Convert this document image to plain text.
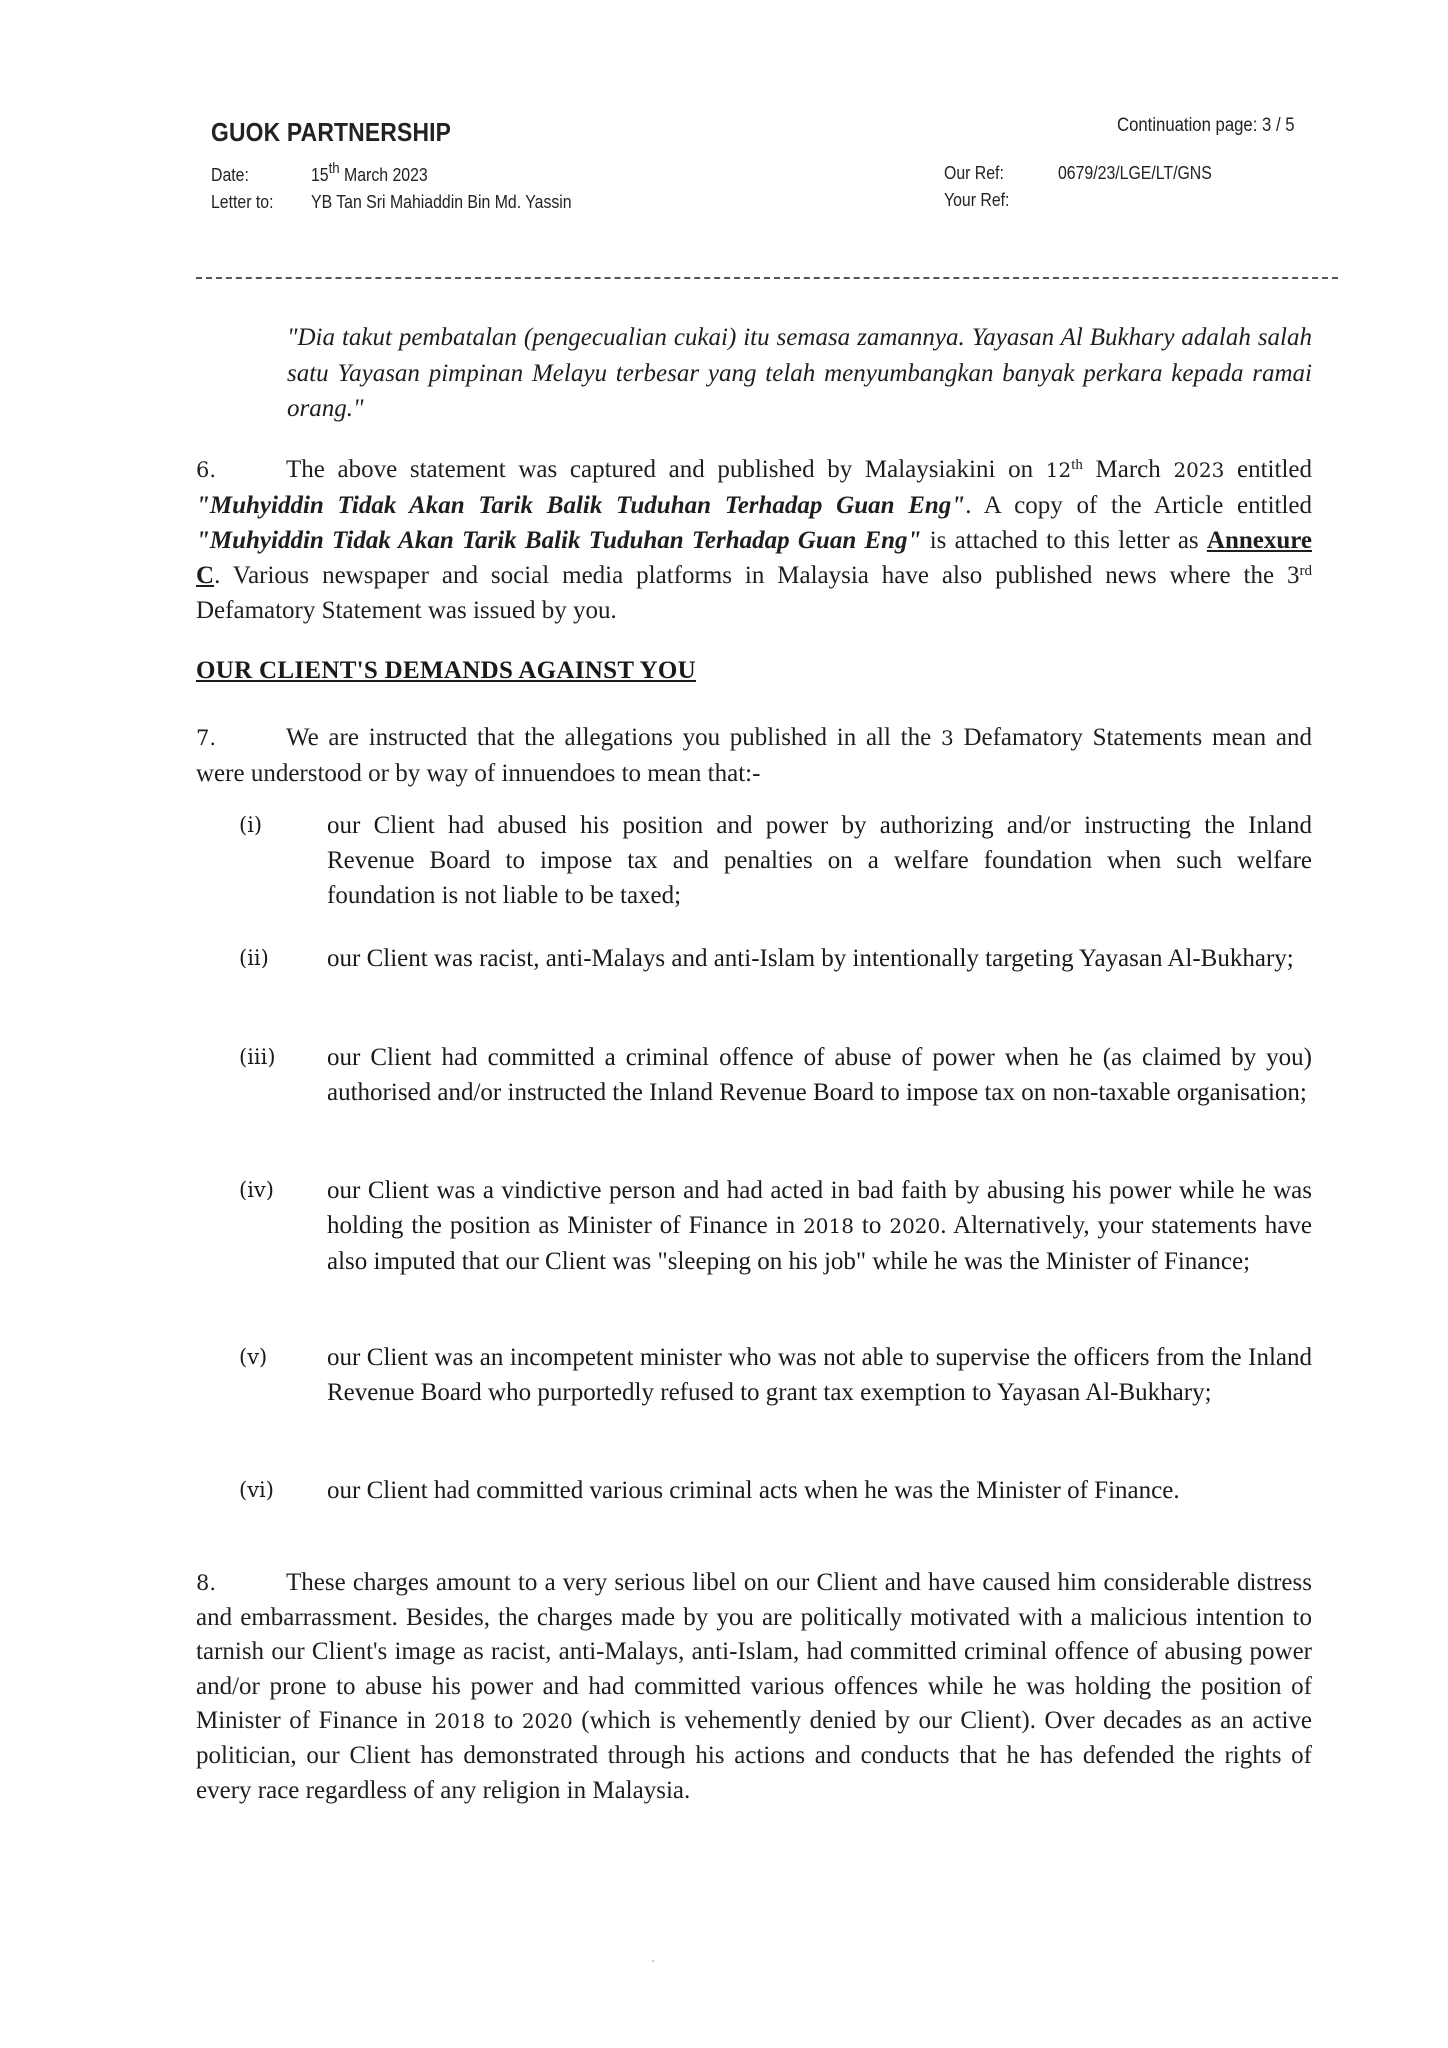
GUOK PARTNERSHIP	Continuation page: 3 / 5
Date:	15th March 2023
Letter to: YB Tan Sri Mahiaddin Bin Md. Yassin
Our Ref:	0679/23/LGE/LT/GNS
Your Ref:
"Dia takut pembatalan (pengecualian cukai) itu semasa zamannya. Yayasan Al Bukhary adalah salah satu Yayasan pimpinan Melayu terbesar yang telah menyumbangkan banyak perkara kepada ramai orang."
6.	The above statement was captured and published by Malaysiakini on 12th March 2023 entitled "Muhyiddin Tidak Akan Tarik Balik Tuduhan Terhadap Guan Eng". A copy of the Article entitled "Muhyiddin Tidak Akan Tarik Balik Tuduhan Terhadap Guan Eng" is attached to this letter as Annexure C. Various newspaper and social media platforms in Malaysia have also published news where the 3rd Defamatory Statement was issued by you.
OUR CLIENT'S DEMANDS AGAINST YOU
7.	We are instructed that the allegations you published in all the 3 Defamatory Statements mean and were understood or by way of innuendoes to mean that:-
(i)	our Client had abused his position and power by authorizing and/or instructing the Inland Revenue Board to impose tax and penalties on a welfare foundation when such welfare foundation is not liable to be taxed;
(ii) our Client was racist, anti-Malays and anti-Islam by intentionally targeting Yayasan Al-Bukhary;
(iii) our Client had committed a criminal offence of abuse of power when he (as claimed by you) authorised and/or instructed the Inland Revenue Board to impose tax on non-taxable organisation;
(iv) our Client was a vindictive person and had acted in bad faith by abusing his power while he was holding the position as Minister of Finance in 2018 to 2020. Alternatively, your statements have also imputed that our Client was "sleeping on his job" while he was the Minister of Finance;
(v) our Client was an incompetent minister who was not able to supervise the officers from the Inland Revenue Board who purportedly refused to grant tax exemption to Yayasan Al-Bukhary;
(vi) our Client had committed various criminal acts when he was the Minister of Finance.
8.	These charges amount to a very serious libel on our Client and have caused him considerable distress and embarrassment. Besides, the charges made by you are politically motivated with a malicious intention to tarnish our Client's image as racist, anti-Malays, anti-Islam, had committed criminal offence of abusing power and/or prone to abuse his power and had committed various offences while he was holding the position of Minister of Finance in 2018 to 2020 (which is vehemently denied by our Client). Over decades as an active politician, our Client has demonstrated through his actions and conducts that he has defended the rights of every race regardless of any religion in Malaysia.
